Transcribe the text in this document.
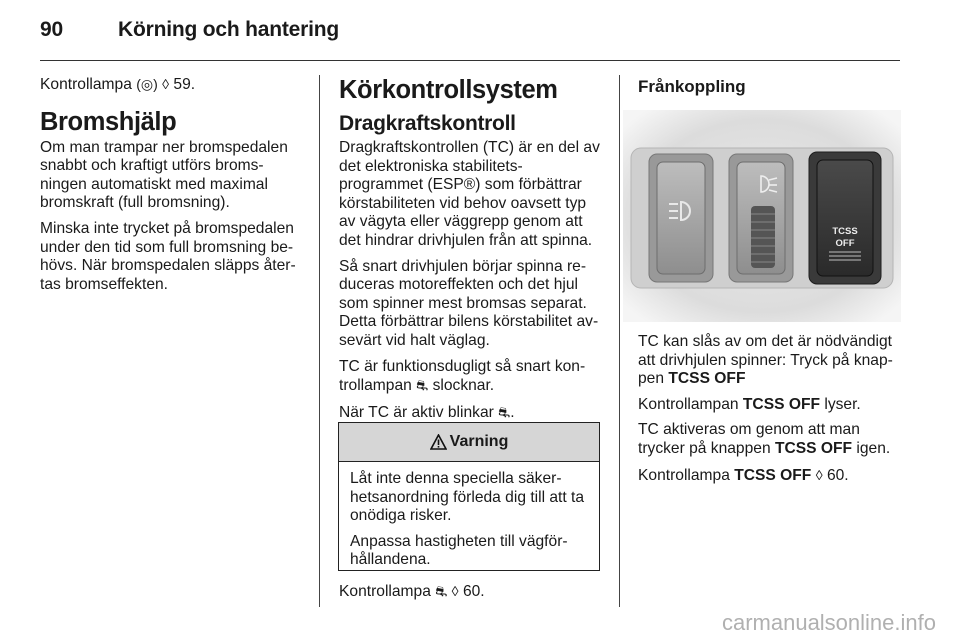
90	Körning och hantering

Kontrollampa (◎) ◊ 59.

Bromshjälp

Om man trampar ner bromspedalen snabbt och kraftigt utförs broms-ningen automatiskt med maximal bromskraft (full bromsning).

Minska inte trycket på bromspedalen under den tid som full bromsning be-hövs. När bromspedalen släpps åter-tas bromseffekten.

Körkontrollsystem
Dragkraftskontroll

Dragkraftskontrollen (TC) är en del av det elektroniska stabilitets-programmet (ESP®) som förbättrar körstabiliteten vid behov oavsett typ av vägyta eller väggrepp genom att det hindrar drivhjulen från att spinna.

Så snart drivhjulen börjar spinna re-duceras motoreffekten och det hjul som spinner mest bromsas separat. Detta förbättrar bilens körstabilitet av-sevärt vid halt väglag.

TC är funktionsdugligt så snart kon-trollampan ⛐ slocknar.

När TC är aktiv blinkar ⛐.

Varning

Låt inte denna speciella säker-hetsanordning förleda dig till att ta onödiga risker.

Anpassa hastigheten till vägför-hållandena.

Kontrollampa ⛐ ◊ 60.
Frånkoppling
TCSS
OFF

TC kan slås av om det är nödvändigt att drivhjulen spinner: Tryck på knap-pen TCSS OFF

Kontrollampan TCSS OFF lyser.

TC aktiveras om genom att man trycker på knappen TCSS OFF igen.

Kontrollampa TCSS OFF ◊ 60.

carmanualsonline.info
